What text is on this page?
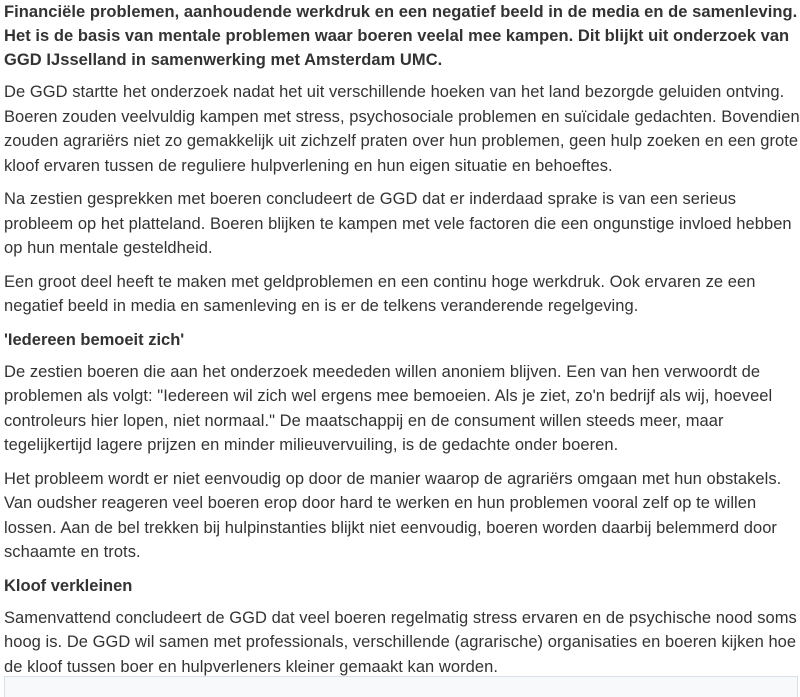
Financiële problemen, aanhoudende werkdruk en een negatief beeld in de media en de samenleving. Het is de basis van mentale problemen waar boeren veelal mee kampen. Dit blijkt uit onderzoek van GGD IJsselland in samenwerking met Amsterdam UMC.

De GGD startte het onderzoek nadat het uit verschillende hoeken van het land bezorgde geluiden ontving. Boeren zouden veelvuldig kampen met stress, psychosociale problemen en suïcidale gedachten. Bovendien zouden agrariërs niet zo gemakkelijk uit zichzelf praten over hun problemen, geen hulp zoeken en een grote kloof ervaren tussen de reguliere hulpverlening en hun eigen situatie en behoeftes.

Na zestien gesprekken met boeren concludeert de GGD dat er inderdaad sprake is van een serieus probleem op het platteland. Boeren blijken te kampen met vele factoren die een ongunstige invloed hebben op hun mentale gesteldheid.

Een groot deel heeft te maken met geldproblemen en een continu hoge werkdruk. Ook ervaren ze een negatief beeld in media en samenleving en is er de telkens veranderende regelgeving.

'Iedereen bemoeit zich'

De zestien boeren die aan het onderzoek meededen willen anoniem blijven. Een van hen verwoordt de problemen als volgt: "Iedereen wil zich wel ergens mee bemoeien. Als je ziet, zo'n bedrijf als wij, hoeveel controleurs hier lopen, niet normaal." De maatschappij en de consument willen steeds meer, maar tegelijkertijd lagere prijzen en minder milieuvervuiling, is de gedachte onder boeren.

Het probleem wordt er niet eenvoudig op door de manier waarop de agrariërs omgaan met hun obstakels. Van oudsher reageren veel boeren erop door hard te werken en hun problemen vooral zelf op te willen lossen. Aan de bel trekken bij hulpinstanties blijkt niet eenvoudig, boeren worden daarbij belemmerd door schaamte en trots.

Kloof verkleinen

Samenvattend concludeert de GGD dat veel boeren regelmatig stress ervaren en de psychische nood soms hoog is. De GGD wil samen met professionals, verschillende (agrarische) organisaties en boeren kijken hoe de kloof tussen boer en hulpverleners kleiner gemaakt kan worden.
